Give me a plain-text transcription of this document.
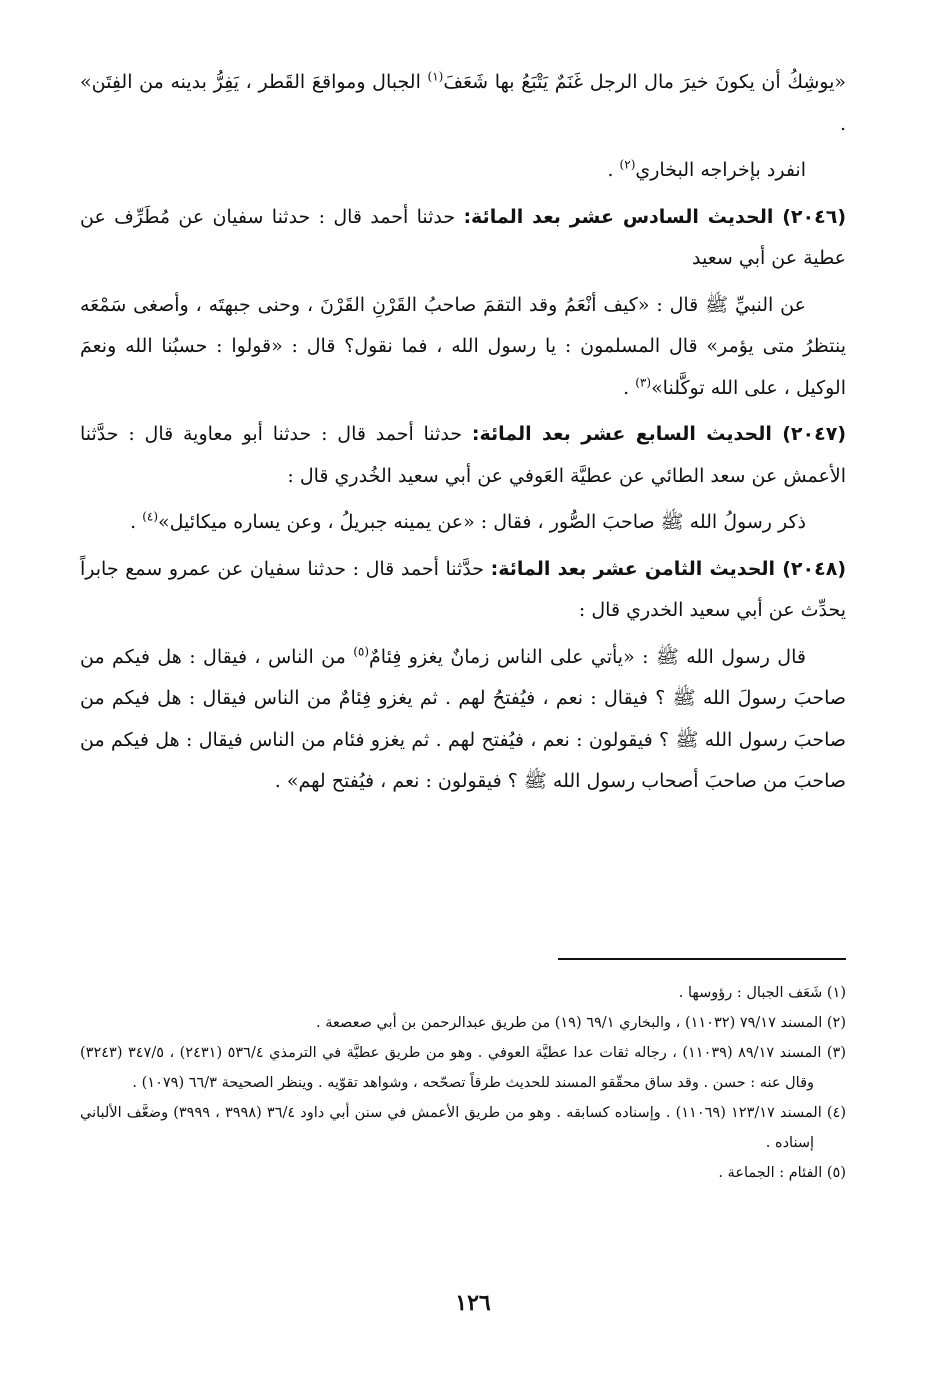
«يوشِكُ أن يكونَ خيرَ مال الرجل غَنَمٌ يَتْبَعُ بها شَعَفَ$^{(١)}$ الجبال ومواقعَ القَطر ، يَفِرُّ بدينه من الفِتَن» .

انفرد بإخراجه البخاري$^{(٢)}$ .

(٢٠٤٦) الحديث السادس عشر بعد المائة: حدثنا أحمد قال : حدثنا سفيان عن مُطَرِّف عن عطية عن أبي سعيد

عن النبيِّ ﷺ قال : «كيف أنْعَمُ وقد التقمَ صاحبُ القَرْنِ القَرْنَ ، وحنى جبهتَه ، وأصغى سَمْعَه ينتظرُ متى يؤمر» قال المسلمون : يا رسول الله ، فما نقول؟ قال : «قولوا : حسبُنا الله ونعمَ الوكيل ، على الله توكَّلنا»$^{(٣)}$ .

(٢٠٤٧) الحديث السابع عشر بعد المائة: حدثنا أحمد قال : حدثنا أبو معاوية قال : حدَّثنا الأعمش عن سعد الطائي عن عطيَّة العَوفي عن أبي سعيد الخُدري قال :

ذكر رسولُ الله ﷺ صاحبَ الصُّور ، فقال : «عن يمينه جبريلُ ، وعن يساره ميكائيل»$^{(٤)}$ .

(٢٠٤٨) الحديث الثامن عشر بعد المائة: حدَّثنا أحمد قال : حدثنا سفيان عن عمرو سمع جابراً يحدِّث عن أبي سعيد الخدري قال :

قال رسول الله ﷺ : «يأتي على الناس زمانٌ يغزو فِئامٌ$^{(٥)}$ من الناس ، فيقال : هل فيكم من صاحبَ رسولَ الله ﷺ ؟ فيقال : نعم ، فيُفتحُ لهم . ثم يغزو فِئامٌ من الناس فيقال : هل فيكم من صاحبَ رسول الله ﷺ ؟ فيقولون : نعم ، فيُفتح لهم . ثم يغزو فئام من الناس فيقال : هل فيكم من صاحبَ من صاحبَ أصحاب رسول الله ﷺ ؟ فيقولون : نعم ، فيُفتح لهم» .

(١) شَعَف الجبال : رؤوسها .

(٢) المسند ٧٩/١٧ (١١٠٣٢) ، والبخاري ٦٩/١ (١٩) من طريق عبدالرحمن بن أبي صعصعة .

(٣) المسند ٨٩/١٧ (١١٠٣٩) ، رجاله ثقات عدا عطيَّة العوفي . وهو من طريق عطيَّة في الترمذي ٥٣٦/٤ (٢٤٣١) ، ٣٤٧/٥ (٣٢٤٣) وقال عنه : حسن . وقد ساق محقّقو المسند للحديث طرقاً تصحّحه ، وشواهد تقوّيه . وينظر الصحيحة ٦٦/٣ (١٠٧٩) .

(٤) المسند ١٢٣/١٧ (١١٠٦٩) . وإسناده كسابقه . وهو من طريق الأعمش في سنن أبي داود ٣٦/٤ (٣٩٩٨ ، ٣٩٩٩) وضعَّف الألباني إسناده .

(٥) الفئام : الجماعة .

١٢٦
